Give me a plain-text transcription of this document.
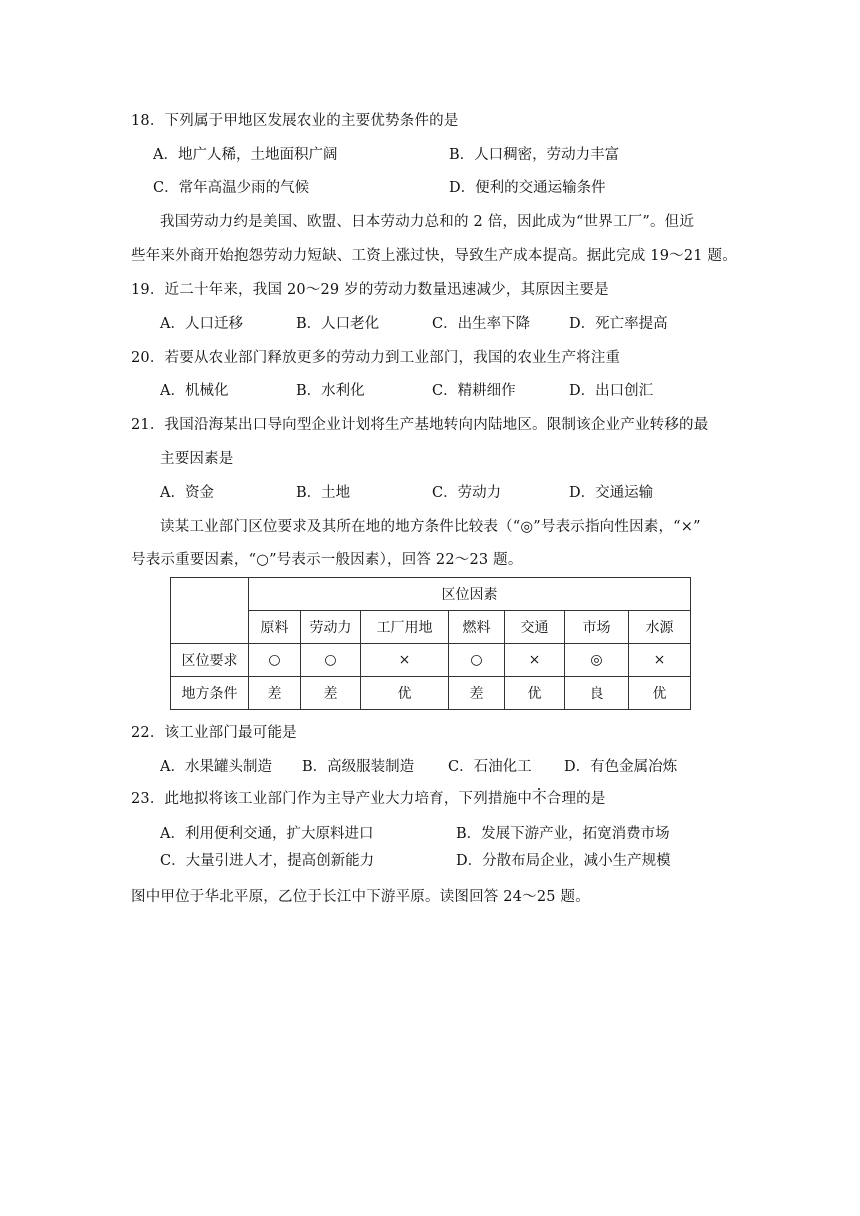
18．下列属于甲地区发展农业的主要优势条件的是
A．地广人稀，土地面积广阔	B．人口稠密，劳动力丰富
C．常年高温少雨的气候	D．便利的交通运输条件
我国劳动力约是美国、欧盟、日本劳动力总和的 2 倍，因此成为“世界工厂”。但近
些年来外商开始抱怨劳动力短缺、工资上涨过快，导致生产成本提高。据此完成 19～21 题。
19．近二十年来，我国 20～29 岁的劳动力数量迅速减少，其原因主要是
A．人口迁移	B．人口老化	C．出生率下降	D．死亡率提高
20．若要从农业部门释放更多的劳动力到工业部门，我国的农业生产将注重
A．机械化	B．水利化	C．精耕细作	D．出口创汇
21．我国沿海某出口导向型企业计划将生产基地转向内陆地区。限制该企业产业转移的最
主要因素是
A．资金	B．土地	C．劳动力	D．交通运输
读某工业部门区位要求及其所在地的地方条件比较表（“◎”号表示指向性因素，“×”
号表示重要因素，“○”号表示一般因素），回答 22～23 题。
	区位因素						
	原料	劳动力	工厂用地	燃料	交通	市场	水源
区位要求	○	○	×	○	×	◎	×
地方条件	差	差	优	差	优	良	优
22．该工业部门最可能是
A．水果罐头制造 B．高级服装制造 C．石油化工 D．有色金属冶炼
23．此地拟将该工业部门作为主导产业大力培育，下列措施中不合理的是
A．利用便利交通，扩大原料进口	B．发展下游产业，拓宽消费市场
C．大量引进人才，提高创新能力	D．分散布局企业，减小生产规模
图中甲位于华北平原，乙位于长江中下游平原。读图回答 24～25 题。
